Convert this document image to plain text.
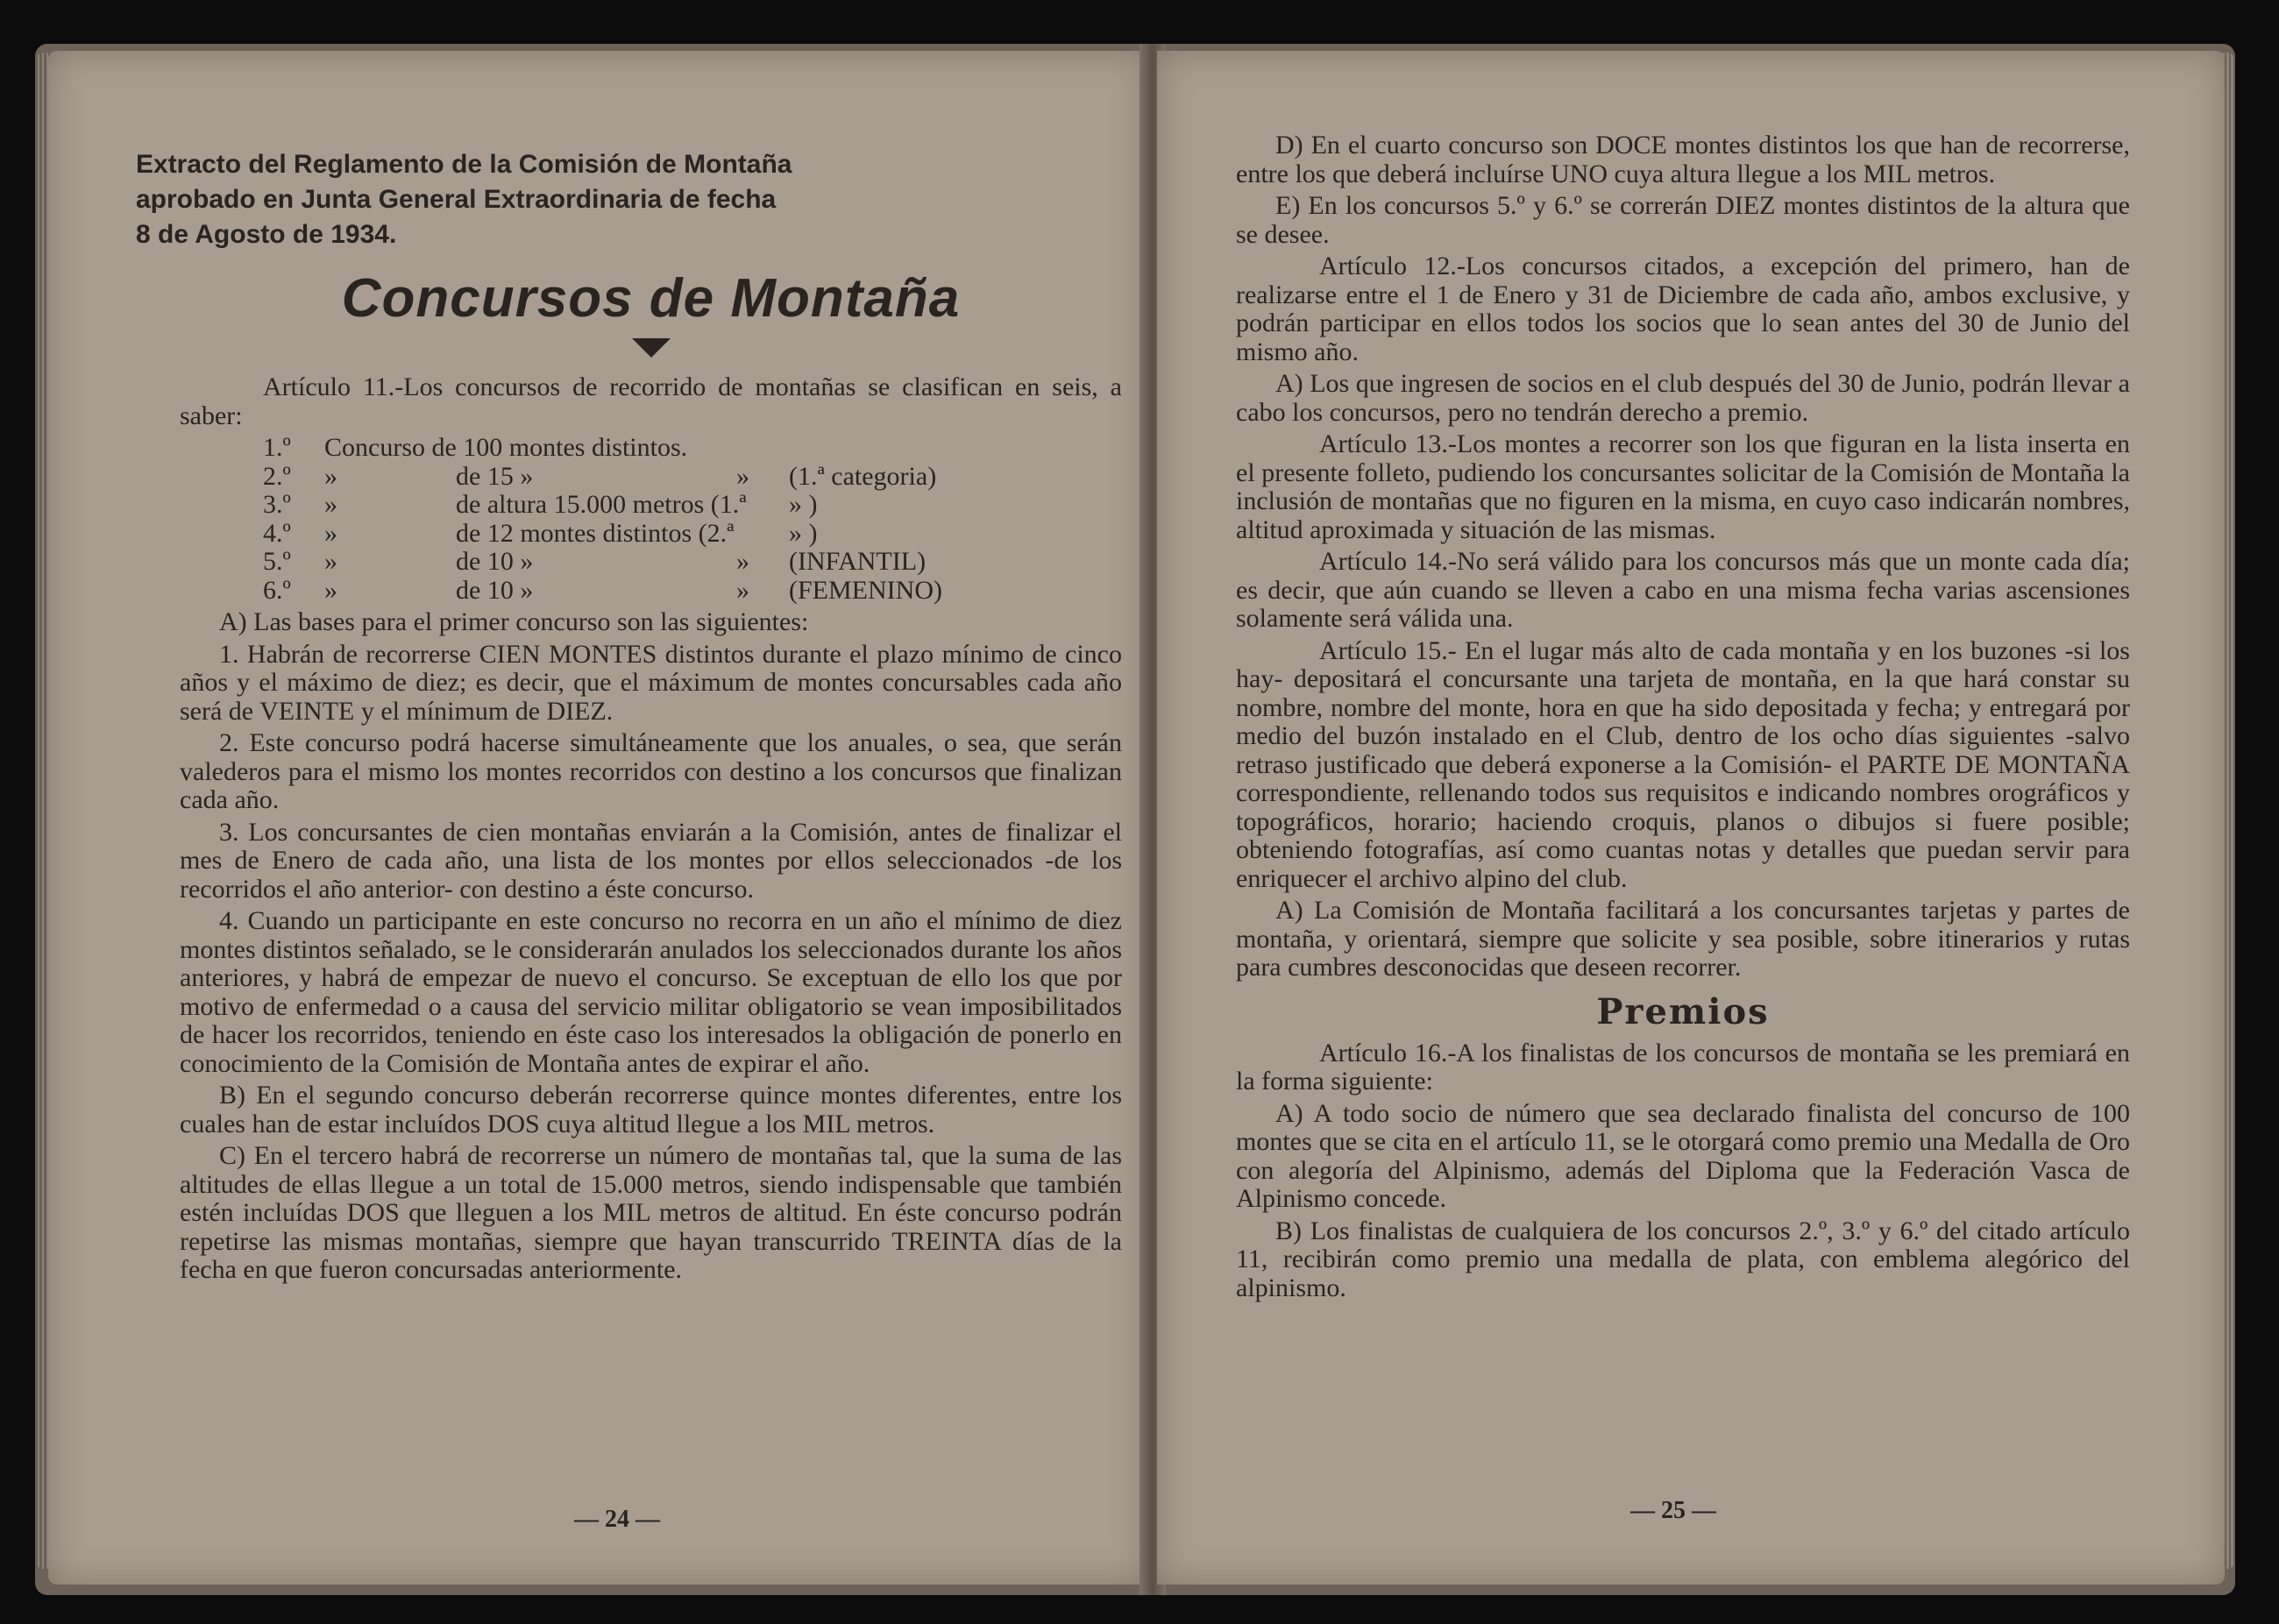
Extracto del Reglamento de la Comisión de Montaña
aprobado en Junta General Extraordinaria de fecha
8 de Agosto de 1934.
Concursos de Montaña

Artículo 11.-Los concursos de recorrido de montañas se clasifican en seis, a saber:

1.º	Concurso de 100 montes distintos.
2.º	»	de 15 »	»	(1.ª categoria)
3.º	»	de altura 15.000 metros (1.ª	» )
4.º	»	de 12 montes distintos (2.ª	» )
5.º	»	de 10 »	»	(INFANTIL)
6.º	»	de 10 »	»	(FEMENINO)

A) Las bases para el primer concurso son las siguientes:

1. Habrán de recorrerse CIEN MONTES distintos durante el plazo mínimo de cinco años y el máximo de diez; es decir, que el máximum de montes concursables cada año será de VEINTE y el mínimum de DIEZ.

2. Este concurso podrá hacerse simultáneamente que los anuales, o sea, que serán valederos para el mismo los montes recorridos con destino a los concursos que finalizan cada año.

3. Los concursantes de cien montañas enviarán a la Comisión, antes de finalizar el mes de Enero de cada año, una lista de los montes por ellos seleccionados -de los recorridos el año anterior- con destino a éste concurso.

4. Cuando un participante en este concurso no recorra en un año el mínimo de diez montes distintos señalado, se le considerarán anulados los seleccionados durante los años anteriores, y habrá de empezar de nuevo el concurso. Se exceptuan de ello los que por motivo de enfermedad o a causa del servicio militar obligatorio se vean imposibilitados de hacer los recorridos, teniendo en éste caso los interesados la obligación de ponerlo en conocimiento de la Comisión de Montaña antes de expirar el año.

B) En el segundo concurso deberán recorrerse quince montes diferentes, entre los cuales han de estar incluídos DOS cuya altitud llegue a los MIL metros.

C) En el tercero habrá de recorrerse un número de montañas tal, que la suma de las altitudes de ellas llegue a un total de 15.000 metros, siendo indispensable que también estén incluídas DOS que lleguen a los MIL metros de altitud. En éste concurso podrán repetirse las mismas montañas, siempre que hayan transcurrido TREINTA días de la fecha en que fueron concursadas anteriormente.

— 24 —

D) En el cuarto concurso son DOCE montes distintos los que han de recorrerse, entre los que deberá incluírse UNO cuya altura llegue a los MIL metros.

E) En los concursos 5.º y 6.º se correrán DIEZ montes distintos de la altura que se desee.

Artículo 12.-Los concursos citados, a excepción del primero, han de realizarse entre el 1 de Enero y 31 de Diciembre de cada año, ambos exclusive, y podrán participar en ellos todos los socios que lo sean antes del 30 de Junio del mismo año.

A) Los que ingresen de socios en el club después del 30 de Junio, podrán llevar a cabo los concursos, pero no tendrán derecho a premio.

Artículo 13.-Los montes a recorrer son los que figuran en la lista inserta en el presente folleto, pudiendo los concursantes solicitar de la Comisión de Montaña la inclusión de montañas que no figuren en la misma, en cuyo caso indicarán nombres, altitud aproximada y situación de las mismas.

Artículo 14.-No será válido para los concursos más que un monte cada día; es decir, que aún cuando se lleven a cabo en una misma fecha varias ascensiones solamente será válida una.

Artículo 15.- En el lugar más alto de cada montaña y en los buzones -si los hay- depositará el concursante una tarjeta de montaña, en la que hará constar su nombre, nombre del monte, hora en que ha sido depositada y fecha; y entregará por medio del buzón instalado en el Club, dentro de los ocho días siguientes -salvo retraso justificado que deberá exponerse a la Comisión- el PARTE DE MONTAÑA correspondiente, rellenando todos sus requisitos e indicando nombres orográficos y topográficos, horario; haciendo croquis, planos o dibujos si fuere posible; obteniendo fotografías, así como cuantas notas y detalles que puedan servir para enriquecer el archivo alpino del club.

A) La Comisión de Montaña facilitará a los concursantes tarjetas y partes de montaña, y orientará, siempre que solicite y sea posible, sobre itinerarios y rutas para cumbres desconocidas que deseen recorrer.

Premios

Artículo 16.-A los finalistas de los concursos de montaña se les premiará en la forma siguiente:

A) A todo socio de número que sea declarado finalista del concurso de 100 montes que se cita en el artículo 11, se le otorgará como premio una Medalla de Oro con alegoría del Alpinismo, además del Diploma que la Federación Vasca de Alpinismo concede.

B) Los finalistas de cualquiera de los concursos 2.º, 3.º y 6.º del citado artículo 11, recibirán como premio una medalla de plata, con emblema alegórico del alpinismo.

— 25 —
